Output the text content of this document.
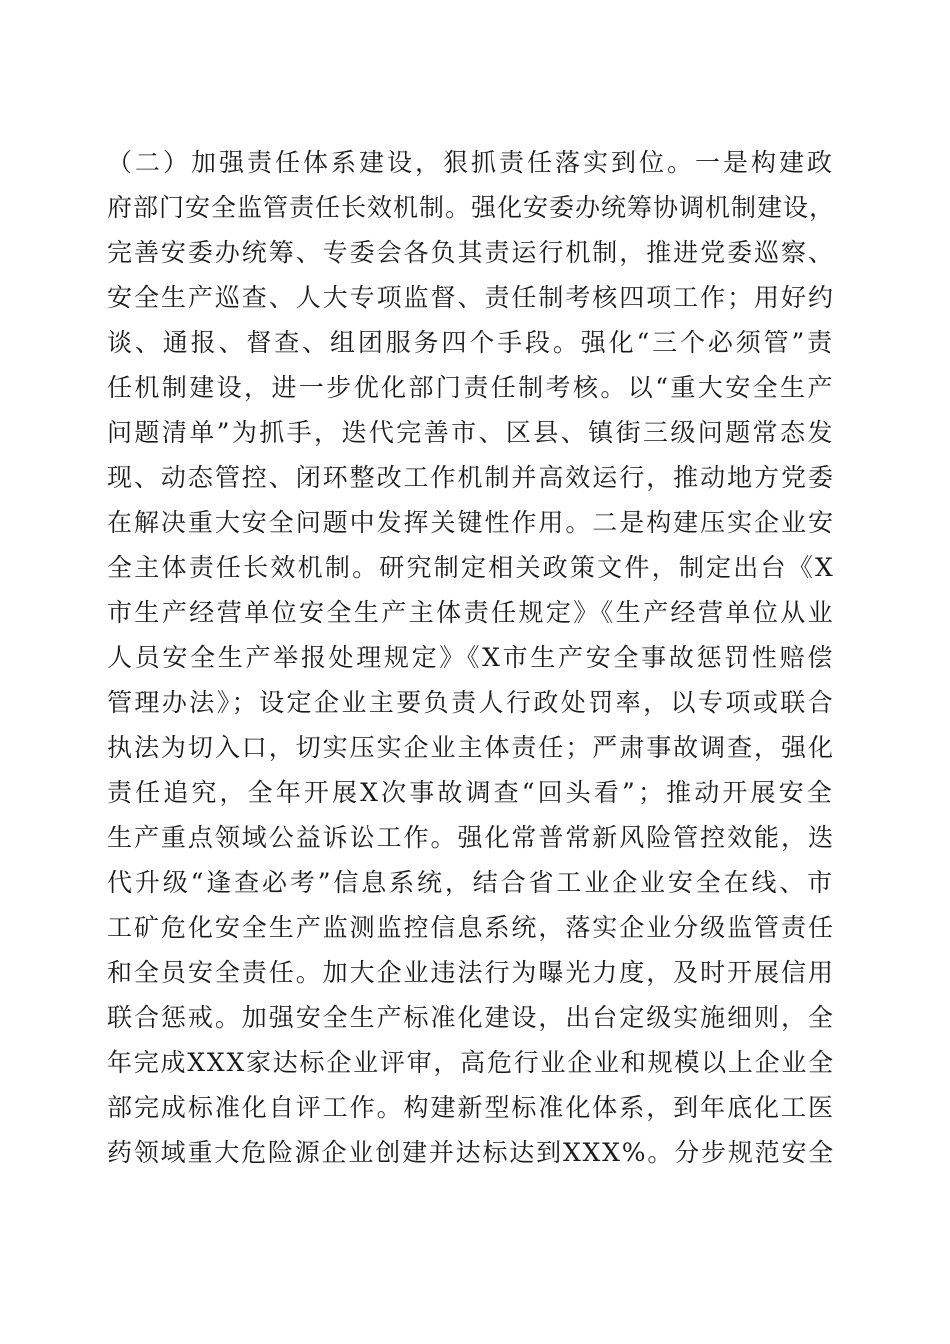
（二）加强责任体系建设，狠抓责任落实到位。一是构建政
府部门安全监管责任长效机制。强化安委办统筹协调机制建设，
完善安委办统筹、专委会各负其责运行机制，推进党委巡察、
安全生产巡查、人大专项监督、责任制考核四项工作；用好约
谈、通报、督查、组团服务四个手段。强化“三个必须管”责
任机制建设，进一步优化部门责任制考核。以“重大安全生产
问题清单”为抓手，迭代完善市、区县、镇街三级问题常态发
现、动态管控、闭环整改工作机制并高效运行，推动地方党委
在解决重大安全问题中发挥关键性作用。二是构建压实企业安
全主体责任长效机制。研究制定相关政策文件，制定出台《X
市生产经营单位安全生产主体责任规定》《生产经营单位从业
人员安全生产举报处理规定》《X市生产安全事故惩罚性赔偿
管理办法》；设定企业主要负责人行政处罚率，以专项或联合
执法为切入口，切实压实企业主体责任；严肃事故调查，强化
责任追究，全年开展X次事故调查“回头看”；推动开展安全
生产重点领域公益诉讼工作。强化常普常新风险管控效能，迭
代升级“逢查必考”信息系统，结合省工业企业安全在线、市
工矿危化安全生产监测监控信息系统，落实企业分级监管责任
和全员安全责任。加大企业违法行为曝光力度，及时开展信用
联合惩戒。加强安全生产标准化建设，出台定级实施细则，全
年完成XXX家达标企业评审，高危行业企业和规模以上企业全
部完成标准化自评工作。构建新型标准化体系，到年底化工医
药领域重大危险源企业创建并达标达到XXX%。分步规范安全
